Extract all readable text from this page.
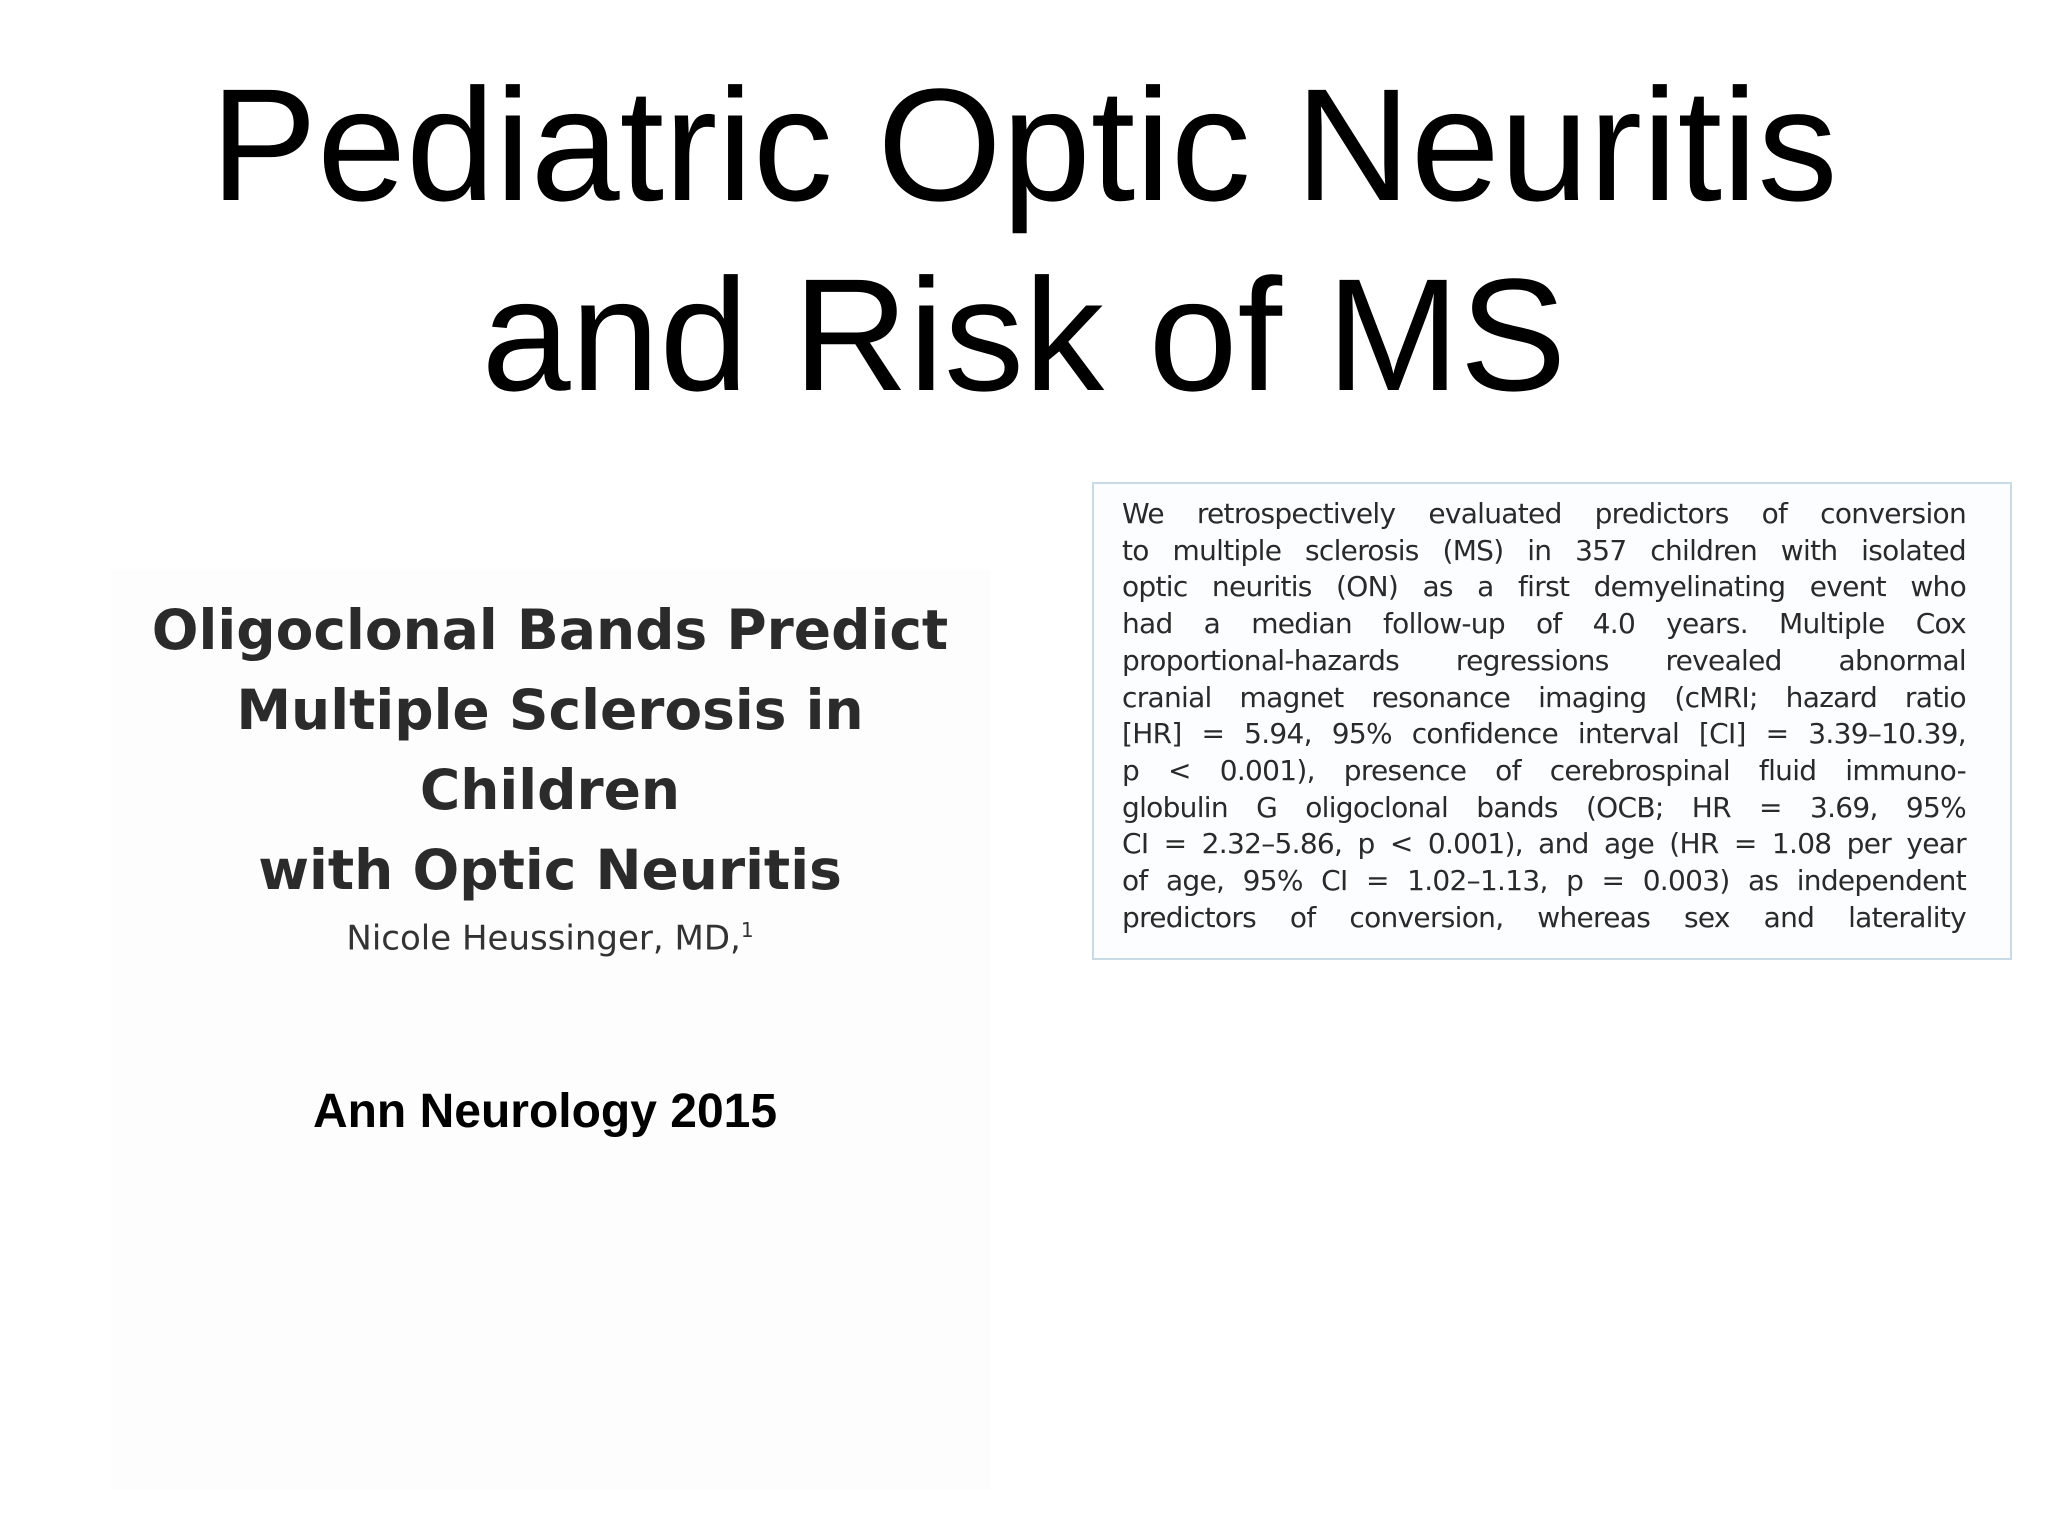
Pediatric Optic Neuritis
and Risk of MS
Oligoclonal Bands Predict
Multiple Sclerosis in Children
with Optic Neuritis
Nicole Heussinger, MD,$^1$
Ann Neurology 2015
We retrospectively evaluated predictors of conversion
to multiple sclerosis (MS) in 357 children with isolated
optic neuritis (ON) as a first demyelinating event who
had a median follow-up of 4.0 years. Multiple Cox
proportional-hazards regressions revealed abnormal
cranial magnet resonance imaging (cMRI; hazard ratio
[HR] = 5.94, 95% confidence interval [CI] = 3.39–10.39,
p < 0.001), presence of cerebrospinal fluid immuno-
globulin G oligoclonal bands (OCB; HR = 3.69, 95%
CI = 2.32–5.86, p < 0.001), and age (HR = 1.08 per year
of age, 95% CI = 1.02–1.13, p = 0.003) as independent
predictors of conversion, whereas sex and laterality
